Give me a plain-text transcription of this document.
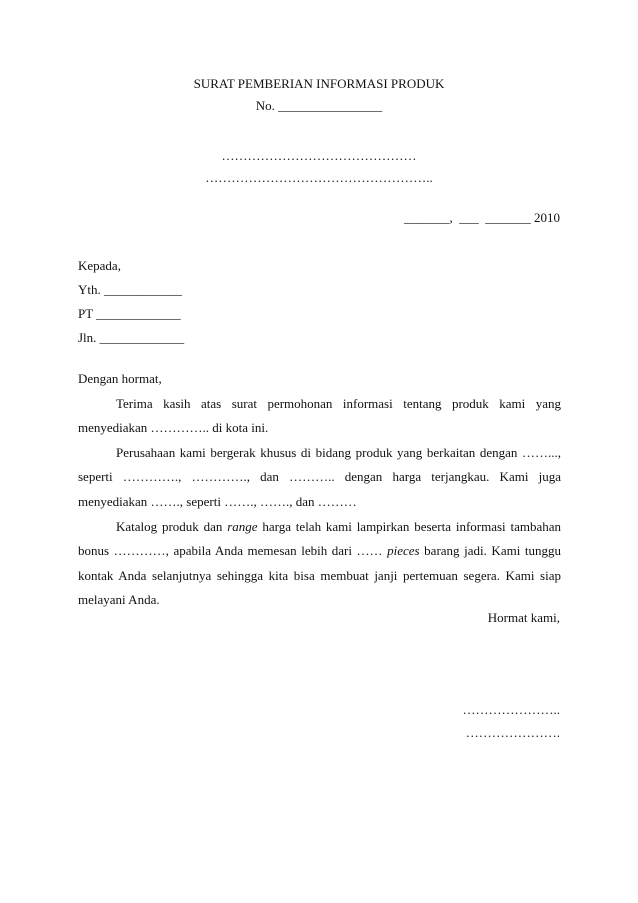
SURAT PEMBERIAN INFORMASI PRODUK
No. ________________
………………………………………
……………………………………………..
_______,  ___  _______ 2010
Kepada,
Yth. ____________
PT _____________
Jln. _____________

Dengan hormat,

Terima kasih atas surat permohonan informasi tentang produk kami yang menyediakan ………….. di kota ini.

Perusahaan kami bergerak khusus di bidang produk yang berkaitan dengan ……..., seperti …………., …………., dan ……….. dengan harga terjangkau. Kami juga menyediakan ……., seperti ……., ……., dan ………

Katalog produk dan range harga telah kami lampirkan beserta informasi tambahan bonus …………, apabila Anda memesan lebih dari …… pieces barang jadi. Kami tunggu kontak Anda selanjutnya sehingga kita bisa membuat janji pertemuan segera. Kami siap melayani Anda.

Hormat kami,
…………………..
………………….
